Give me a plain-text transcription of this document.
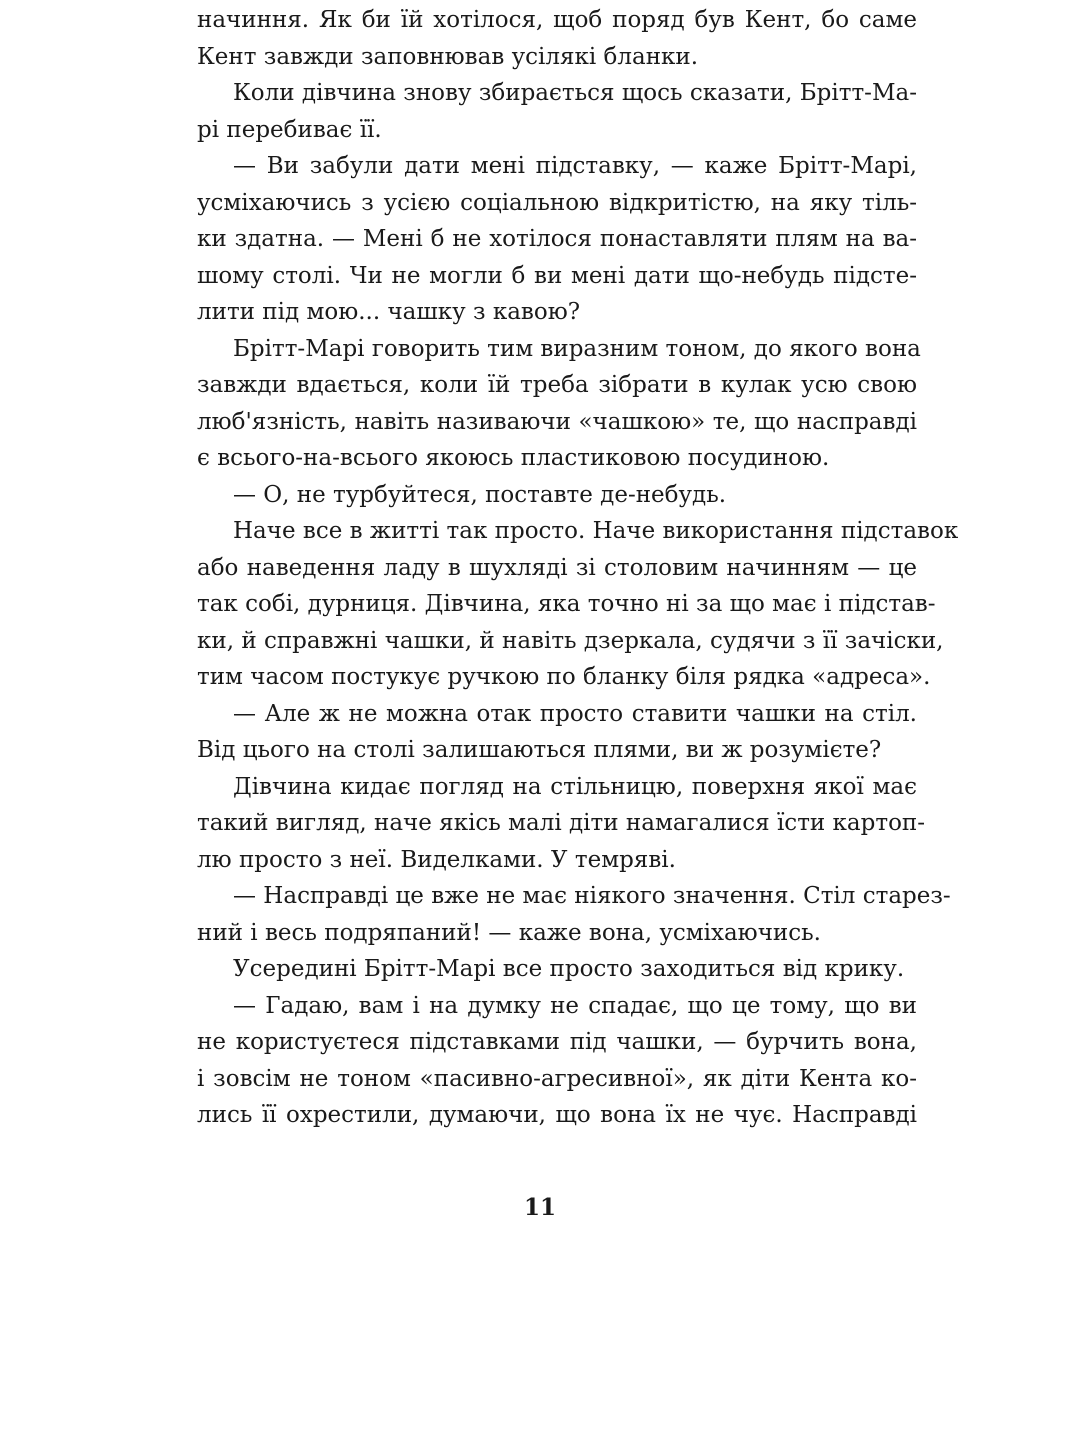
начиння. Як би їй хотілося, щоб поряд був Кент, бо саме
Кент завжди заповнював усілякі бланки.
Коли дівчина знову збирається щось сказати, Брітт-Ма-
рі перебиває її.
— Ви забули дати мені підставку, — каже Брітт-Марі,
усміхаючись з усією соціальною відкритістю, на яку тіль-
ки здатна. — Мені б не хотілося понаставляти плям на ва-
шому столі. Чи не могли б ви мені дати що-небудь підсте-
лити під мою... чашку з кавою?
Брітт-Марі говорить тим виразним тоном, до якого вона
завжди вдається, коли їй треба зібрати в кулак усю свою
люб'язність, навіть називаючи «чашкою» те, що насправді
є всього-на-всього якоюсь пластиковою посудиною.
— О, не турбуйтеся, поставте де-небудь.
Наче все в житті так просто. Наче використання підставок
або наведення ладу в шухляді зі столовим начинням — це
так собі, дурниця. Дівчина, яка точно ні за що має і підстав-
ки, й справжні чашки, й навіть дзеркала, судячи з її зачіски,
тим часом постукує ручкою по бланку біля рядка «адреса».
— Але ж не можна отак просто ставити чашки на стіл.
Від цього на столі залишаються плями, ви ж розумієте?
Дівчина кидає погляд на стільницю, поверхня якої має
такий вигляд, наче якісь малі діти намагалися їсти картоп-
лю просто з неї. Виделками. У темряві.
— Насправді це вже не має ніякого значення. Стіл старез-
ний і весь подряпаний! — каже вона, усміхаючись.
Усередині Брітт-Марі все просто заходиться від крику.
— Гадаю, вам і на думку не спадає, що це тому, що ви
не користуєтеся підставками під чашки, — бурчить вона,
і зовсім не тоном «пасивно-агресивної», як діти Кента ко-
лись її охрестили, думаючи, що вона їх не чує. Насправді
11
